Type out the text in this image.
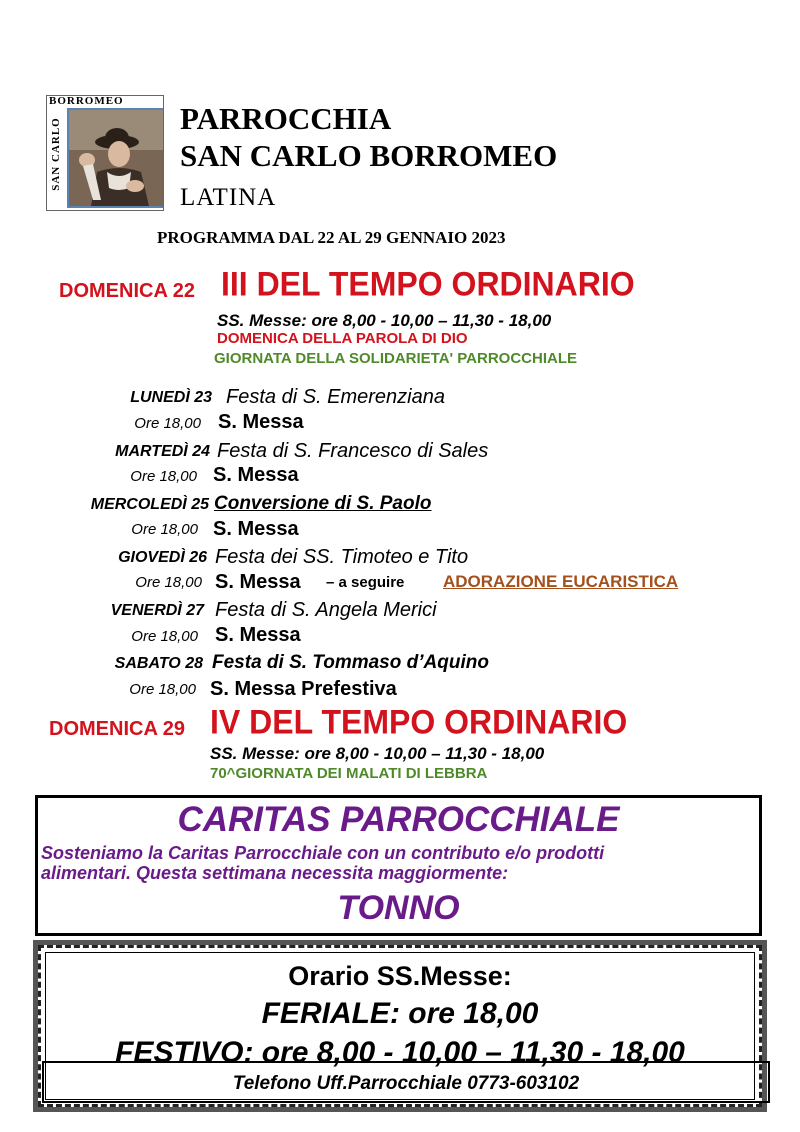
BORROMEO
SAN CARLO	PARROCCHIA
SAN CARLO BORROMEO
LATINA
PROGRAMMA DAL 22 AL 29 GENNAIO 2023
DOMENICA 22 III DEL TEMPO ORDINARIO
SS. Messe: ore 8,00 - 10,00 – 11,30 - 18,00
DOMENICA DELLA PAROLA DI DIO
GIORNATA DELLA SOLIDARIETA' PARROCCHIALE
LUNEDÌ 23 Festa di S. Emerenziana
Ore 18,00 S. Messa
MARTEDÌ 24 Festa di S. Francesco di Sales
Ore 18,00 S. Messa
MERCOLEDÌ 25 Conversione di S. Paolo
Ore 18,00 S. Messa
GIOVEDÌ 26 Festa dei SS. Timoteo e Tito
Ore 18,00 S. Messa – a seguire ADORAZIONE EUCARISTICA
VENERDÌ 27 Festa di S. Angela Merici
Ore 18,00 S. Messa
SABATO 28 Festa di S. Tommaso d’Aquino
Ore 18,00 S. Messa Prefestiva
DOMENICA 29 IV DEL TEMPO ORDINARIO
SS. Messe: ore 8,00 - 10,00 – 11,30 - 18,00
70^GIORNATA DEI MALATI DI LEBBRA
CARITAS PARROCCHIALE
Sosteniamo la Caritas Parrocchiale con un contributo e/o prodotti
alimentari. Questa settimana necessita maggiormente:
TONNO
Orario SS.Messe:
FERIALE: ore 18,00
FESTIVO: ore 8,00 - 10,00 – 11,30 - 18,00
Telefono Uff.Parrocchiale 0773-603102
